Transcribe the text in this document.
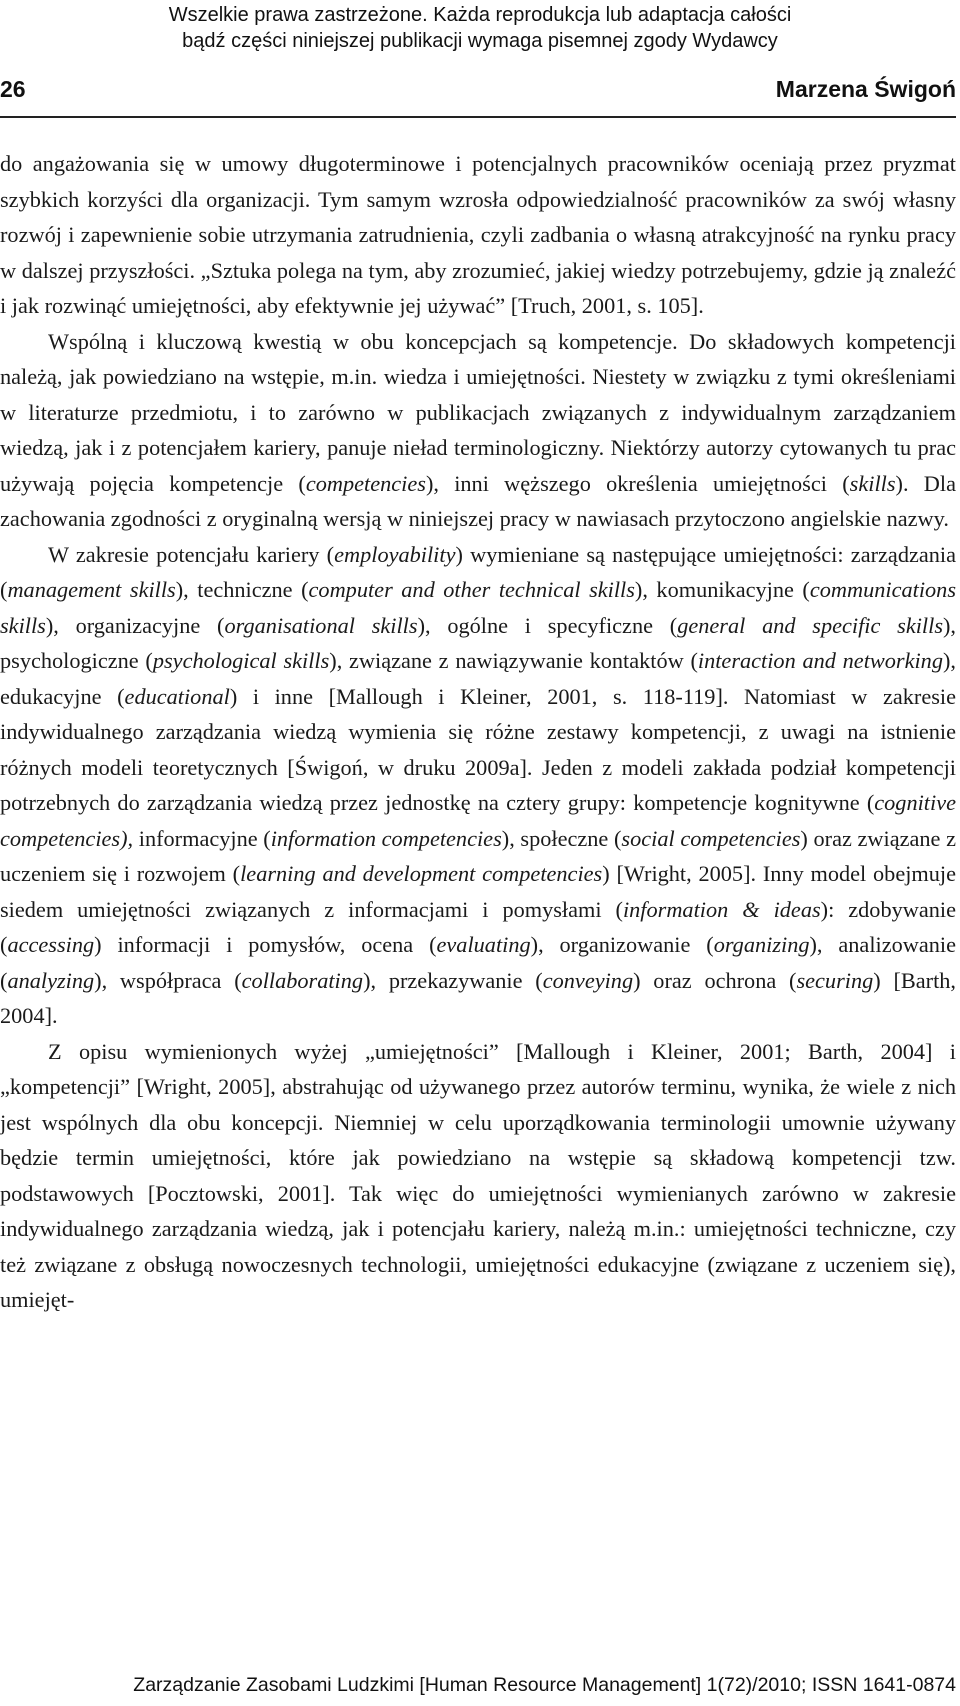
Wszelkie prawa zastrzeżone. Każda reprodukcja lub adaptacja całości
bądź części niniejszej publikacji wymaga pisemnej zgody Wydawcy
26	Marzena Świgoń

do angażowania się w umowy długoterminowe i potencjalnych pracowników oceniają przez pryzmat szybkich korzyści dla organizacji. Tym samym wzrosła odpowiedzialność pracowników za swój własny rozwój i zapewnienie sobie utrzymania zatrudnienia, czyli zadbania o własną atrakcyjność na rynku pracy w dalszej przyszłości. „Sztuka polega na tym, aby zrozumieć, jakiej wiedzy potrzebujemy, gdzie ją znaleźć i jak rozwinąć umiejętności, aby efektywnie jej używać” [Truch, 2001, s. 105].

Wspólną i kluczową kwestią w obu koncepcjach są kompetencje. Do składowych kompetencji należą, jak powiedziano na wstępie, m.in. wiedza i umiejętności. Niestety w związku z tymi określeniami w literaturze przedmiotu, i to zarówno w publikacjach związanych z indywidualnym zarządzaniem wiedzą, jak i z potencjałem kariery, panuje nieład terminologiczny. Niektórzy autorzy cytowanych tu prac używają pojęcia kompetencje (competencies), inni węższego określenia umiejętności (skills). Dla zachowania zgodności z oryginalną wersją w niniejszej pracy w nawiasach przytoczono angielskie nazwy.

W zakresie potencjału kariery (employability) wymieniane są następujące umiejętności: zarządzania (management skills), techniczne (computer and other technical skills), komunikacyjne (communications skills), organizacyjne (organisational skills), ogólne i specyficzne (general and specific skills), psychologiczne (psychological skills), związane z nawiązywanie kontaktów (interaction and networking), edukacyjne (educational) i inne [Mallough i Kleiner, 2001, s. 118-119]. Natomiast w zakresie indywidualnego zarządzania wiedzą wymienia się różne zestawy kompetencji, z uwagi na istnienie różnych modeli teoretycznych [Świgoń, w druku 2009a]. Jeden z modeli zakłada podział kompetencji potrzebnych do zarządzania wiedzą przez jednostkę na cztery grupy: kompetencje kognitywne (cognitive competencies), informacyjne (information competencies), społeczne (social competencies) oraz związane z uczeniem się i rozwojem (learning and development competencies) [Wright, 2005]. Inny model obejmuje siedem umiejętności związanych z informacjami i pomysłami (information & ideas): zdobywanie (accessing) informacji i pomysłów, ocena (evaluating), organizowanie (organizing), analizowanie (analyzing), współpraca (collaborating), przekazywanie (conveying) oraz ochrona (securing) [Barth, 2004].

Z opisu wymienionych wyżej „umiejętności” [Mallough i Kleiner, 2001; Barth, 2004] i „kompetencji” [Wright, 2005], abstrahując od używanego przez autorów terminu, wynika, że wiele z nich jest wspólnych dla obu koncepcji. Niemniej w celu uporządkowania terminologii umownie używany będzie termin umiejętności, które jak powiedziano na wstępie są składową kompetencji tzw. podstawowych [Pocztowski, 2001]. Tak więc do umiejętności wymienianych zarówno w zakresie indywidualnego zarządzania wiedzą, jak i potencjału kariery, należą m.in.: umiejętności techniczne, czy też związane z obsługą nowoczesnych technologii, umiejętności edukacyjne (związane z uczeniem się), umiejęt-

Zarządzanie Zasobami Ludzkimi [Human Resource Management] 1(72)/2010; ISSN 1641-0874
